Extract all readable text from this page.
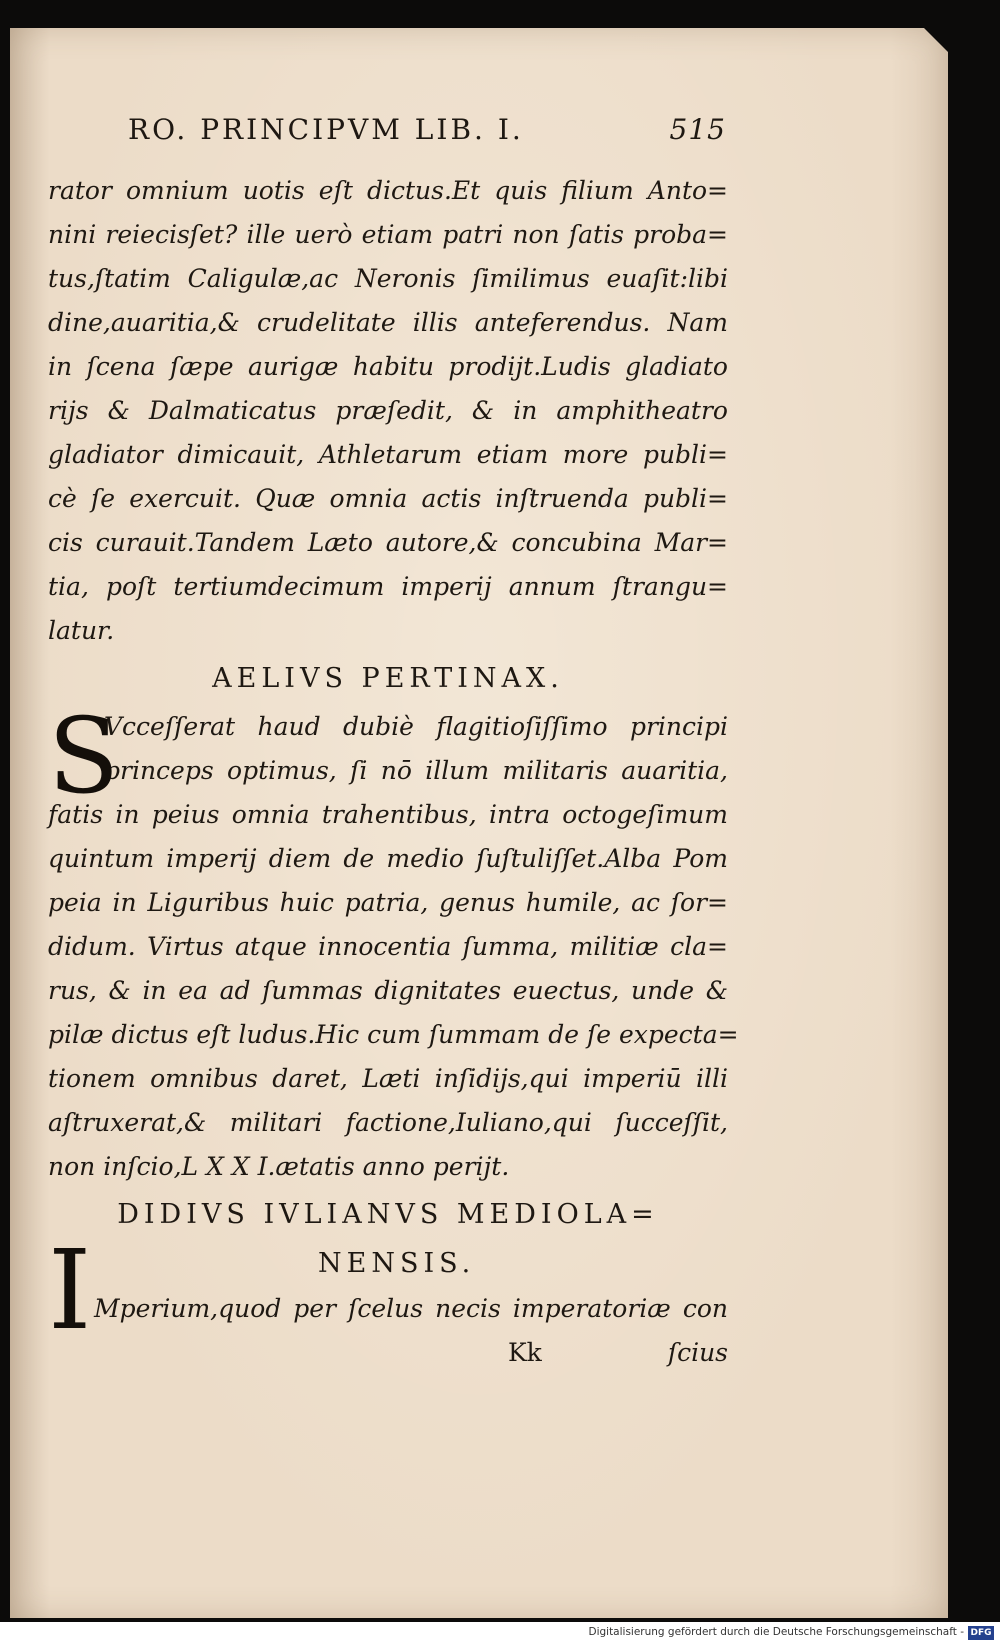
RO. PRINCIPVM LIB. I.	515
rator omnium uotis eſt dictus.Et quis filium Anto=
nini reiecisſet? ille uerò etiam patri non ſatis proba=
tus,ſtatim Caligulæ,ac Neronis ſimilimus euaſit:libi
dine,auaritia,& crudelitate illis anteferendus. Nam
in ſcena ſæpe aurigæ habitu prodijt.Ludis gladiato
rijs & Dalmaticatus præſedit, & in amphitheatro
gladiator dimicauit, Athletarum etiam more publi=
cè ſe exercuit. Quæ omnia actis inſtruenda publi=
cis curauit.Tandem Læto autore,& concubina Mar=
tia, poſt tertiumdecimum imperij annum ſtrangu=
latur.
AELIVS PERTINAX.
S
Vcceſſerat haud dubiè flagitioſiſſimo principi
princeps optimus, ſi nō illum militaris auaritia,
fatis in peius omnia trahentibus, intra octogeſimum
quintum imperij diem de medio ſuſtuliſſet.Alba Pom
peia in Liguribus huic patria, genus humile, ac ſor=
didum. Virtus atque innocentia ſumma, militiæ cla=
rus, & in ea ad ſummas dignitates euectus, unde &
pilæ dictus eſt ludus.Hic cum ſummam de ſe expecta=
tionem omnibus daret, Læti inſidijs,qui imperiū illi
aſtruxerat,& militari factione,Iuliano,qui ſucceſſit,
non inſcio,L X X I.ætatis anno perijt.
DIDIVS IVLIANVS MEDIOLA=
I	NENSIS.
Mperium,quod per ſcelus necis imperatoriæ con
Kk	ſcius
Digitalisierung gefördert durch die Deutsche Forschungsgemeinschaft - DFG
